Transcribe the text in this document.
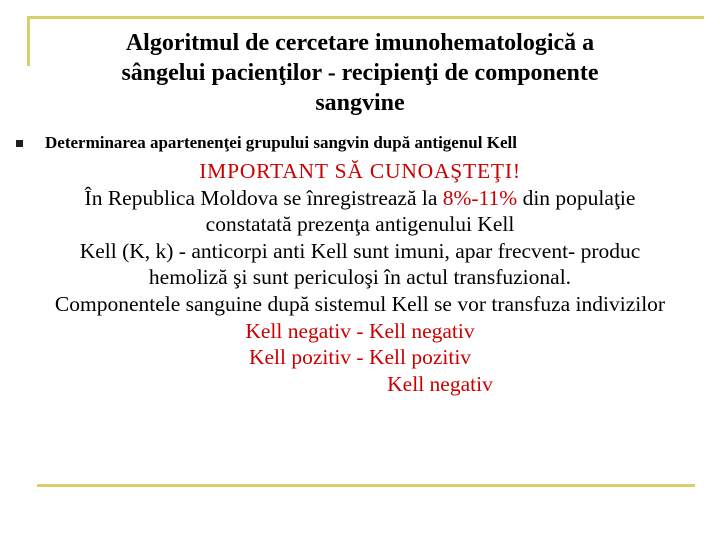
Algoritmul de cercetare imunohematologică a
sângelui pacienţilor - recipienţi de componente
sangvine
Determinarea apartenenţei grupului sangvin după antigenul Kell
IMPORTANT SĂ CUNOAŞTEŢI!
În Republica Moldova se înregistrează la 8%-11% din populaţie
constatată prezenţa antigenului Kell
Kell (K, k) - anticorpi anti Kell sunt imuni, apar frecvent- produc
hemoliză şi sunt periculoşi în actul transfuzional.
Componentele sanguine după sistemul Kell se vor transfuza indivizilor
Kell negativ - Kell negativ
Kell pozitiv - Kell pozitiv
Kell negativ
